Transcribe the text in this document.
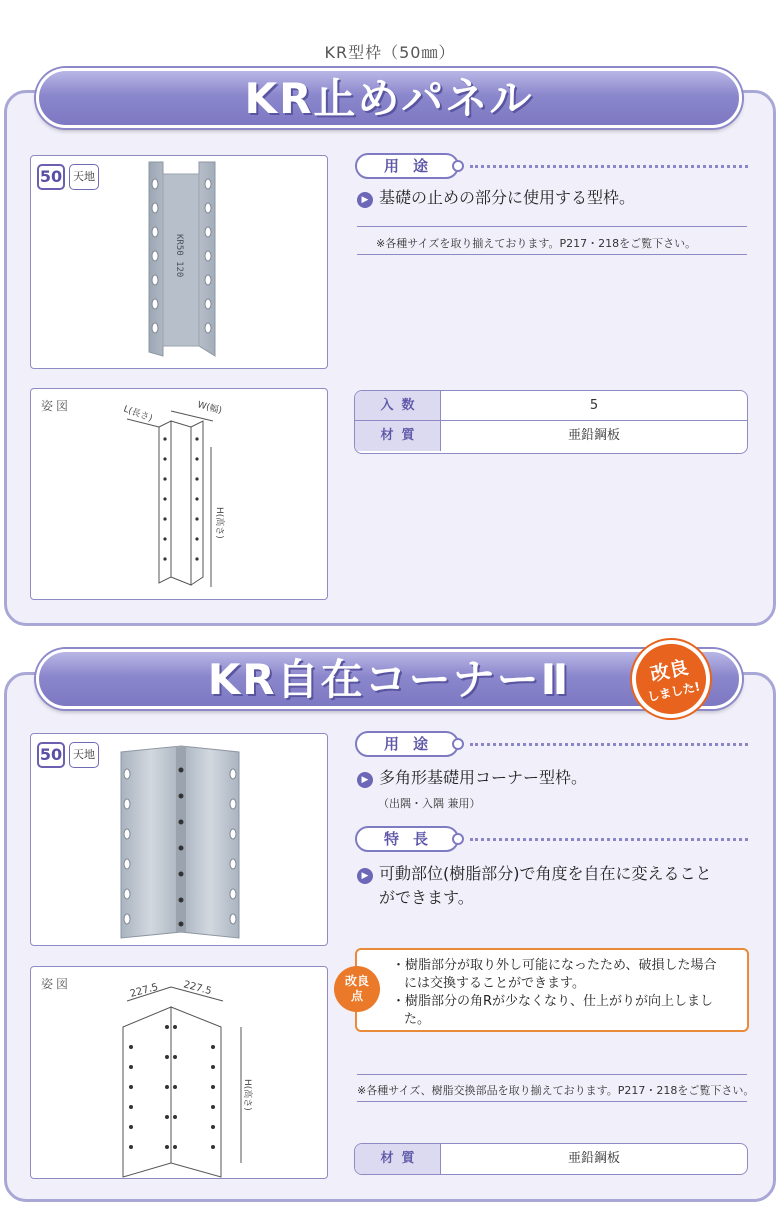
KR型枠（50㎜）
KR止めパネル
50 天地
KR50 120
姿図	L(長さ)	W(幅)
H(高さ)
用途
▶ 基礎の止めの部分に使用する型枠。
※各種サイズを取り揃えております。P217・218をご覧下さい。
入数	5
材質	亜鉛鋼板
KR自在コーナーⅡ	改良
しました!
50 天地
姿図	227.5 227.5
H(高さ)
用途
▶ 多角形基礎用コーナー型枠。
（出隅・入隅 兼用）
特長
▶ 可動部位(樹脂部分)で角度を自在に変えること
ができます。
改良
点
・樹脂部分が取り外し可能になったため、破損した場合
には交換することができます。
・樹脂部分の角Rが少なくなり、仕上がりが向上しまし
た。
※各種サイズ、樹脂交換部品を取り揃えております。P217・218をご覧下さい。
材質	亜鉛鋼板
